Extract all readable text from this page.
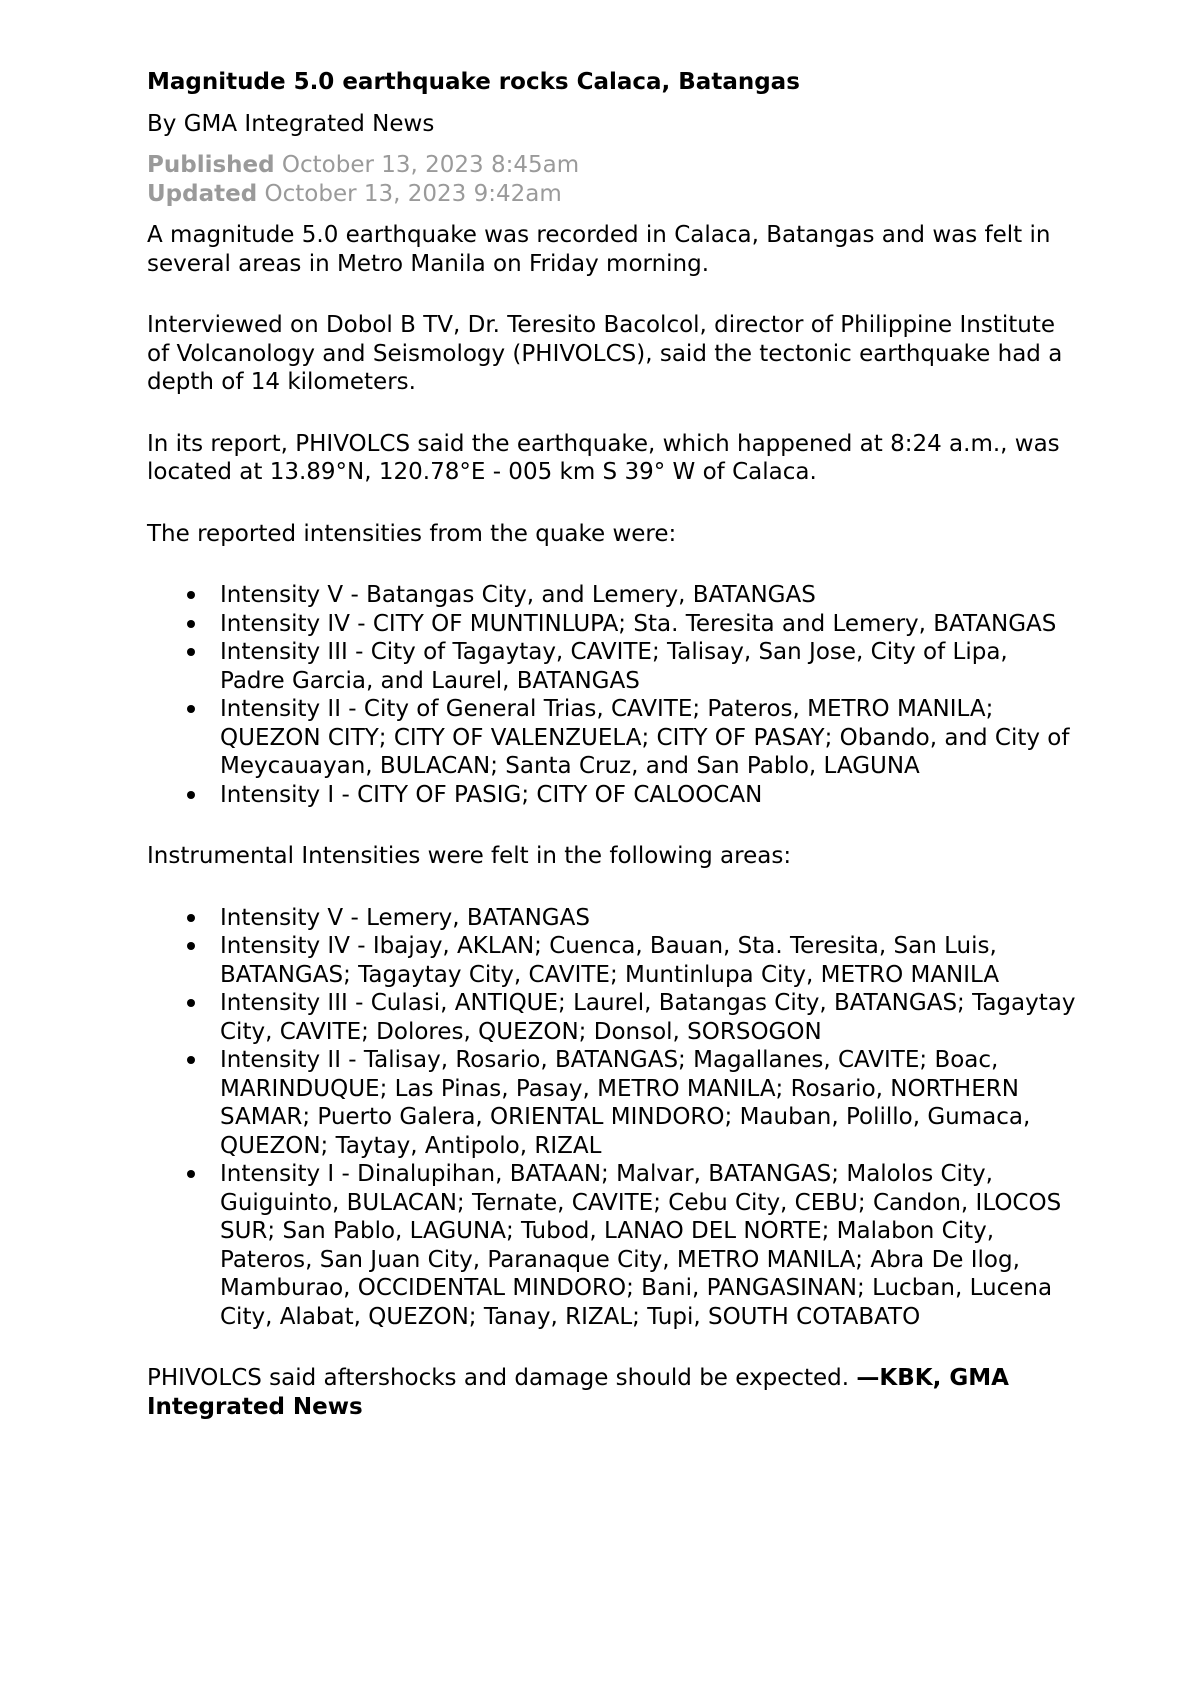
Magnitude 5.0 earthquake rocks Calaca, Batangas
By GMA Integrated News
Published October 13, 2023 8:45am
Updated October 13, 2023 9:42am

A magnitude 5.0 earthquake was recorded in Calaca, Batangas and was felt in several areas in Metro Manila on Friday morning.

Interviewed on Dobol B TV, Dr. Teresito Bacolcol, director of Philippine Institute of Volcanology and Seismology (PHIVOLCS), said the tectonic earthquake had a depth of 14 kilometers.

In its report, PHIVOLCS said the earthquake, which happened at 8:24 a.m., was located at 13.89°N, 120.78°E - 005 km S 39° W of Calaca.

The reported intensities from the quake were:

Intensity V - Batangas City, and Lemery, BATANGAS
Intensity IV - CITY OF MUNTINLUPA; Sta. Teresita and Lemery, BATANGAS
Intensity III - City of Tagaytay, CAVITE; Talisay, San Jose, City of Lipa, Padre Garcia, and Laurel, BATANGAS
Intensity II - City of General Trias, CAVITE; Pateros, METRO MANILA; QUEZON CITY; CITY OF VALENZUELA; CITY OF PASAY; Obando, and City of Meycauayan, BULACAN; Santa Cruz, and San Pablo, LAGUNA
Intensity I - CITY OF PASIG; CITY OF CALOOCAN

Instrumental Intensities were felt in the following areas:

Intensity V - Lemery, BATANGAS
Intensity IV - Ibajay, AKLAN; Cuenca, Bauan, Sta. Teresita, San Luis, BATANGAS; Tagaytay City, CAVITE; Muntinlupa City, METRO MANILA
Intensity III - Culasi, ANTIQUE; Laurel, Batangas City, BATANGAS; Tagaytay City, CAVITE; Dolores, QUEZON; Donsol, SORSOGON
Intensity II - Talisay, Rosario, BATANGAS; Magallanes, CAVITE; Boac, MARINDUQUE; Las Pinas, Pasay, METRO MANILA; Rosario, NORTHERN SAMAR; Puerto Galera, ORIENTAL MINDORO; Mauban, Polillo, Gumaca, QUEZON; Taytay, Antipolo, RIZAL
Intensity I - Dinalupihan, BATAAN; Malvar, BATANGAS; Malolos City, Guiguinto, BULACAN; Ternate, CAVITE; Cebu City, CEBU; Candon, ILOCOS SUR; San Pablo, LAGUNA; Tubod, LANAO DEL NORTE; Malabon City, Pateros, San Juan City, Paranaque City, METRO MANILA; Abra De Ilog, Mamburao, OCCIDENTAL MINDORO; Bani, PANGASINAN; Lucban, Lucena City, Alabat, QUEZON; Tanay, RIZAL; Tupi, SOUTH COTABATO

PHIVOLCS said aftershocks and damage should be expected. —KBK, GMA Integrated News
